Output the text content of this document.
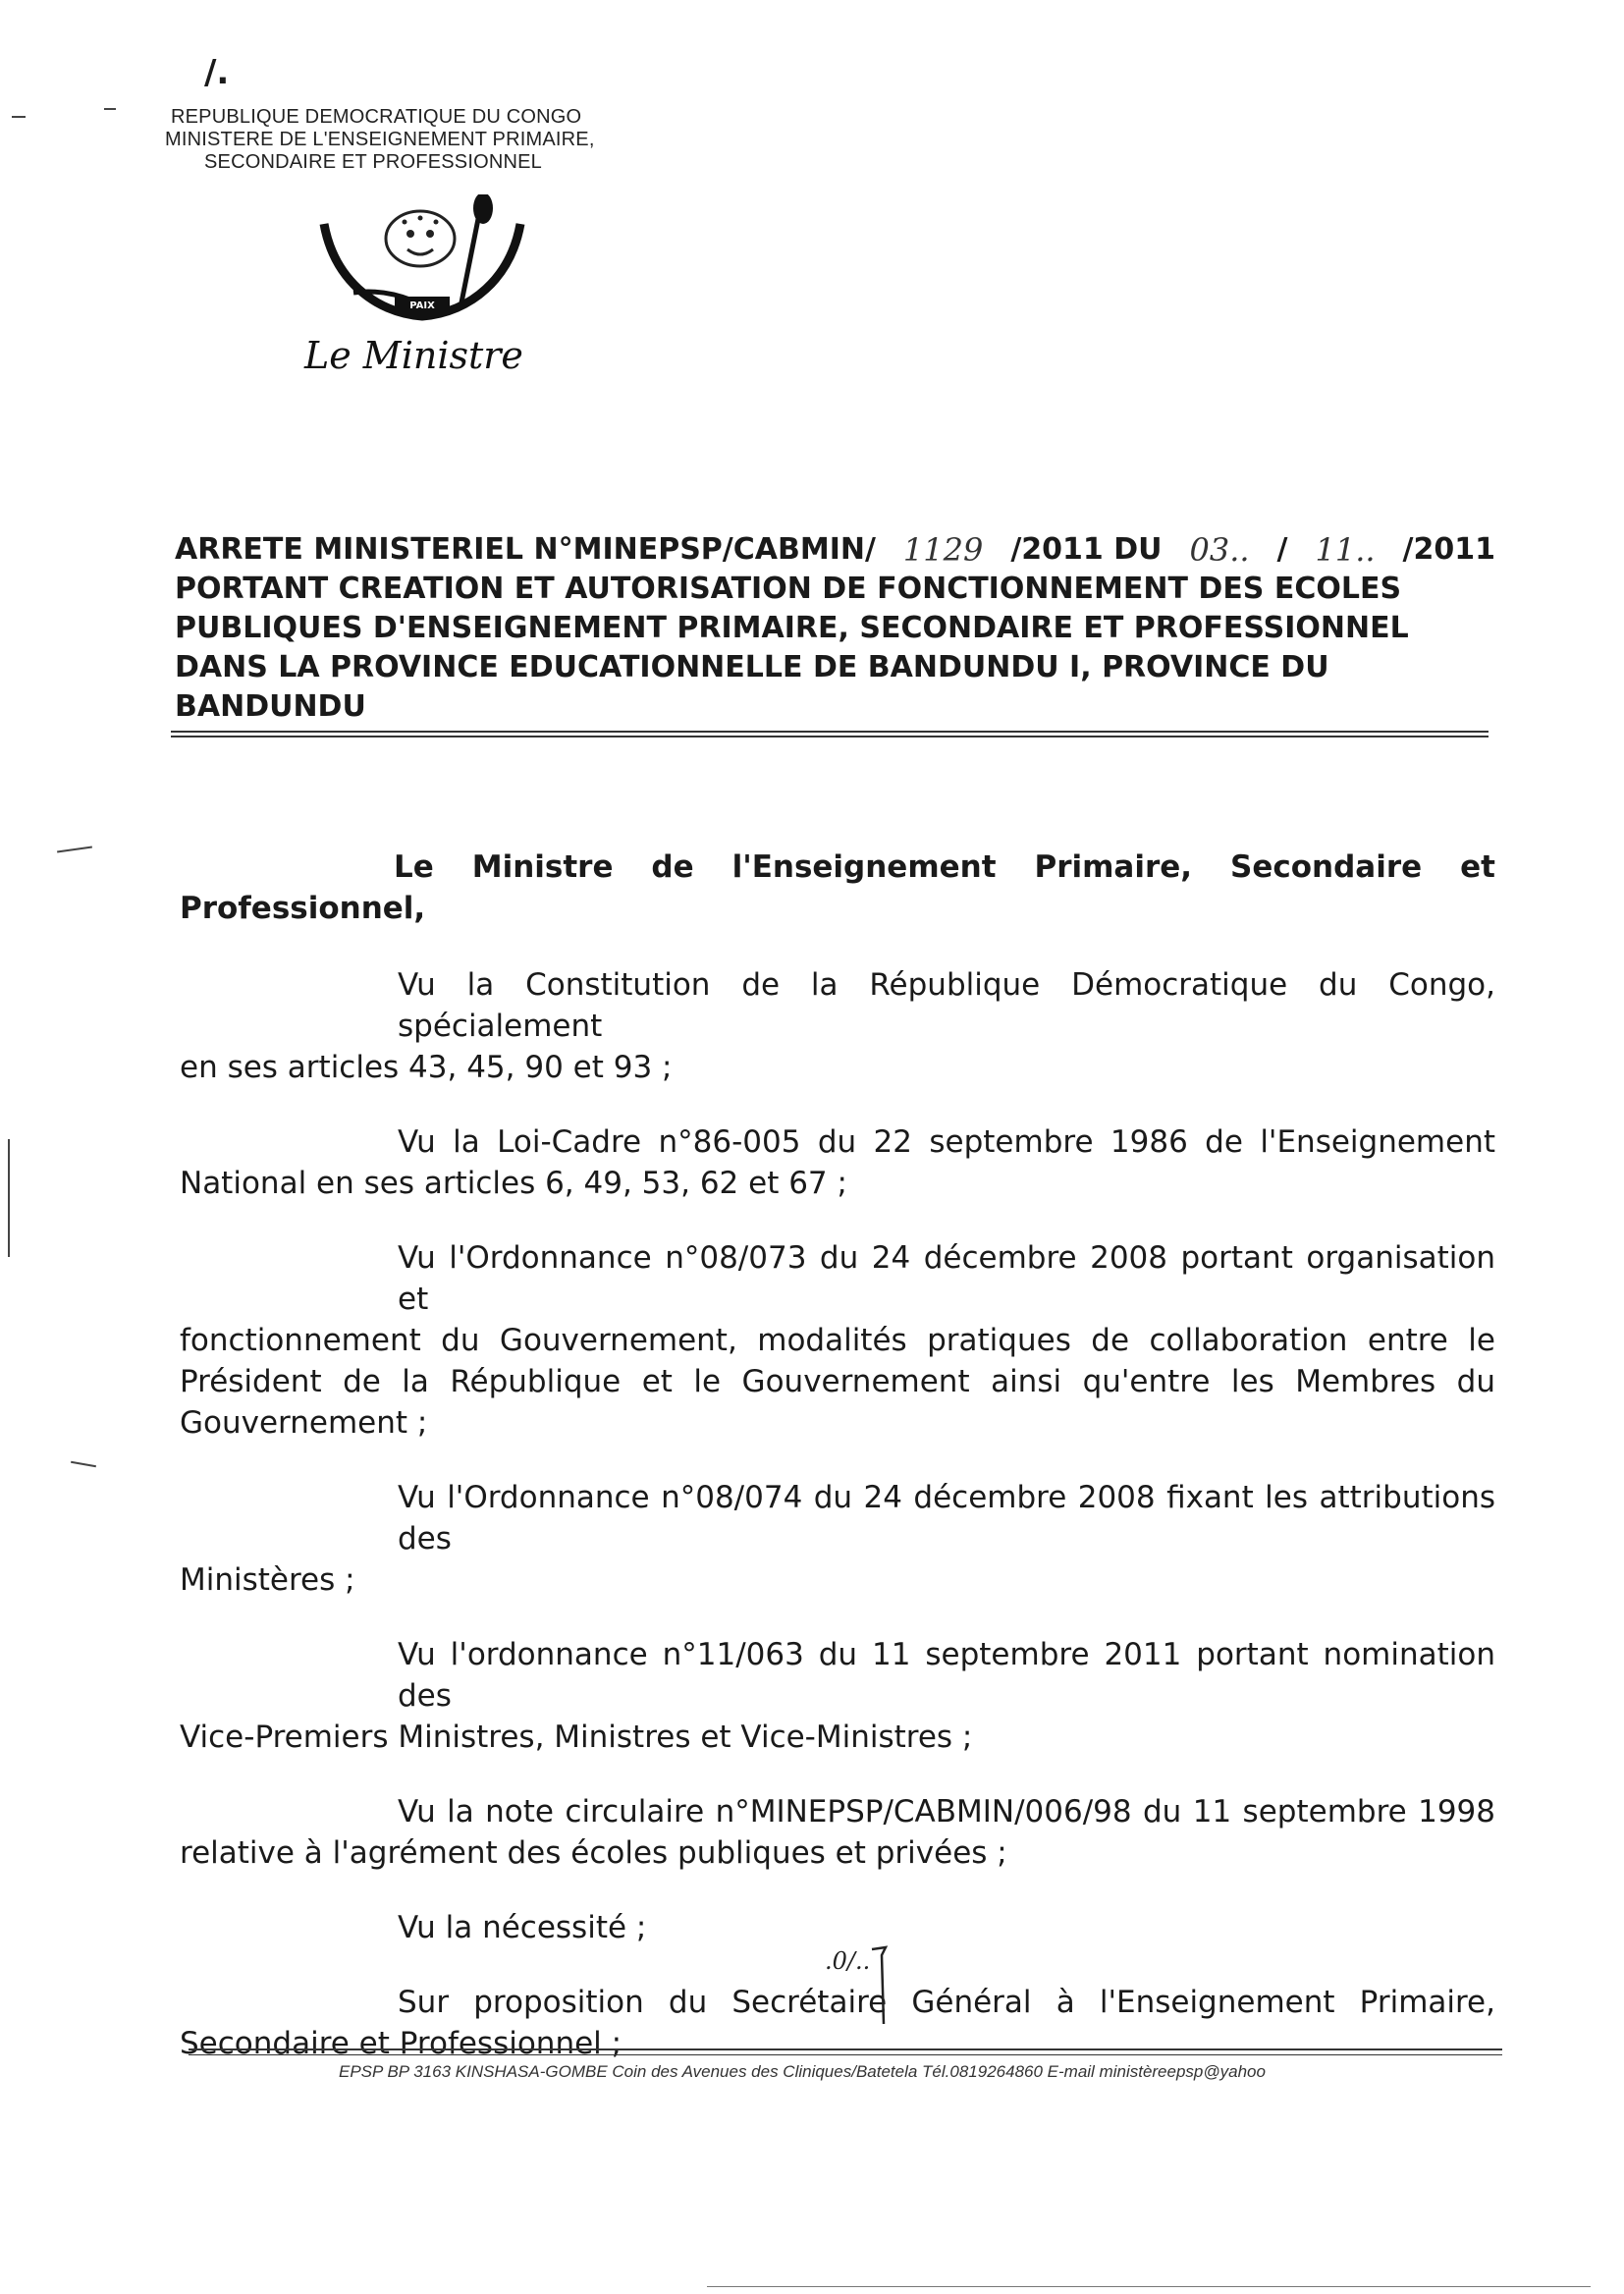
/.
REPUBLIQUE DEMOCRATIQUE DU CONGO
MINISTERE DE L'ENSEIGNEMENT PRIMAIRE,
SECONDAIRE ET PROFESSIONNEL
PAIX
Le Ministre
ARRETE MINISTERIEL N°MINEPSP/CABMIN/ 1129 /2011 DU 03.. / 11.. /2011
PORTANT CREATION ET AUTORISATION DE FONCTIONNEMENT DES ECOLES
PUBLIQUES D'ENSEIGNEMENT PRIMAIRE, SECONDAIRE ET PROFESSIONNEL
DANS LA PROVINCE EDUCATIONNELLE DE BANDUNDU I, PROVINCE DU
BANDUNDU
Le Ministre de l'Enseignement Primaire, Secondaire et
Professionnel,
Vu la Constitution de la République Démocratique du Congo, spécialement
en ses articles 43, 45, 90 et 93 ;
Vu la Loi-Cadre n°86-005 du 22 septembre 1986 de l'Enseignement
National en ses articles 6, 49, 53, 62 et 67 ;
Vu l'Ordonnance n°08/073 du 24 décembre 2008 portant organisation et
fonctionnement du Gouvernement, modalités pratiques de collaboration entre le Président de la République et le Gouvernement ainsi qu'entre les Membres du Gouvernement ;
Vu l'Ordonnance n°08/074 du 24 décembre 2008 fixant les attributions des
Ministères ;
Vu l'ordonnance n°11/063 du 11 septembre 2011 portant nomination des
Vice-Premiers Ministres, Ministres et Vice-Ministres ;
Vu la note circulaire n°MINEPSP/CABMIN/006/98 du 11 septembre 1998
relative à l'agrément des écoles publiques et privées ;
Vu la nécessité ;
Sur proposition du Secrétaire Général à l'Enseignement Primaire,
Secondaire et Professionnel ;
.0/..
EPSP BP 3163 KINSHASA-GOMBE Coin des Avenues des Cliniques/Batetela Tél.0819264860 E-mail ministèreepsp@yahoo
